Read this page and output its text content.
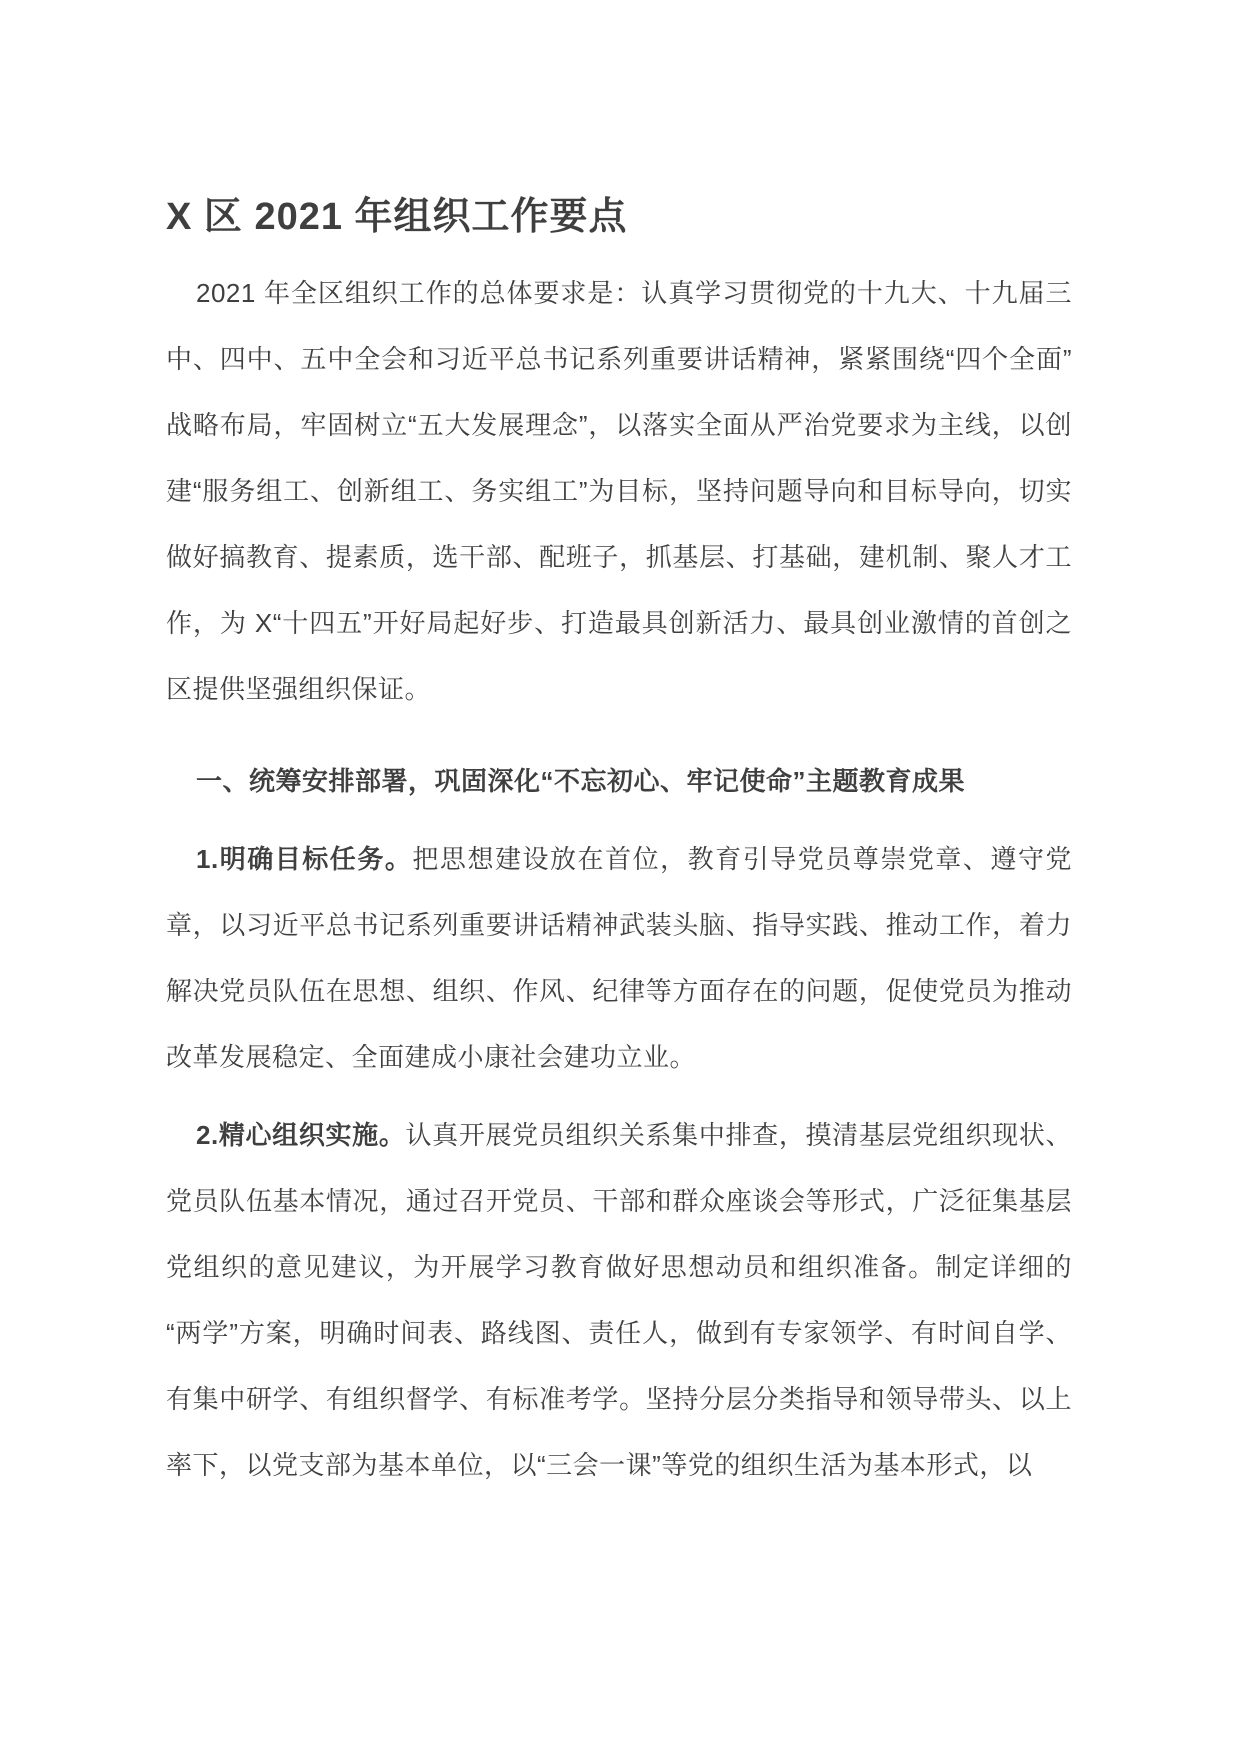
X 区 2021 年组织工作要点

2021 年全区组织工作的总体要求是：认真学习贯彻党的十九大、十九届三中、四中、五中全会和习近平总书记系列重要讲话精神，紧紧围绕“四个全面”战略布局，牢固树立“五大发展理念”，以落实全面从严治党要求为主线，以创建“服务组工、创新组工、务实组工”为目标，坚持问题导向和目标导向，切实做好搞教育、提素质，选干部、配班子，抓基层、打基础，建机制、聚人才工作，为 X“十四五”开好局起好步、打造最具创新活力、最具创业激情的首创之区提供坚强组织保证。

一、统筹安排部署，巩固深化“不忘初心、牢记使命”主题教育成果

1.明确目标任务。把思想建设放在首位，教育引导党员尊崇党章、遵守党章，以习近平总书记系列重要讲话精神武装头脑、指导实践、推动工作，着力解决党员队伍在思想、组织、作风、纪律等方面存在的问题，促使党员为推动改革发展稳定、全面建成小康社会建功立业。

2.精心组织实施。认真开展党员组织关系集中排查，摸清基层党组织现状、党员队伍基本情况，通过召开党员、干部和群众座谈会等形式，广泛征集基层党组织的意见建议，为开展学习教育做好思想动员和组织准备。制定详细的“两学”方案，明确时间表、路线图、责任人，做到有专家领学、有时间自学、有集中研学、有组织督学、有标准考学。坚持分层分类指导和领导带头、以上率下，以党支部为基本单位，以“三会一课”等党的组织生活为基本形式，以
